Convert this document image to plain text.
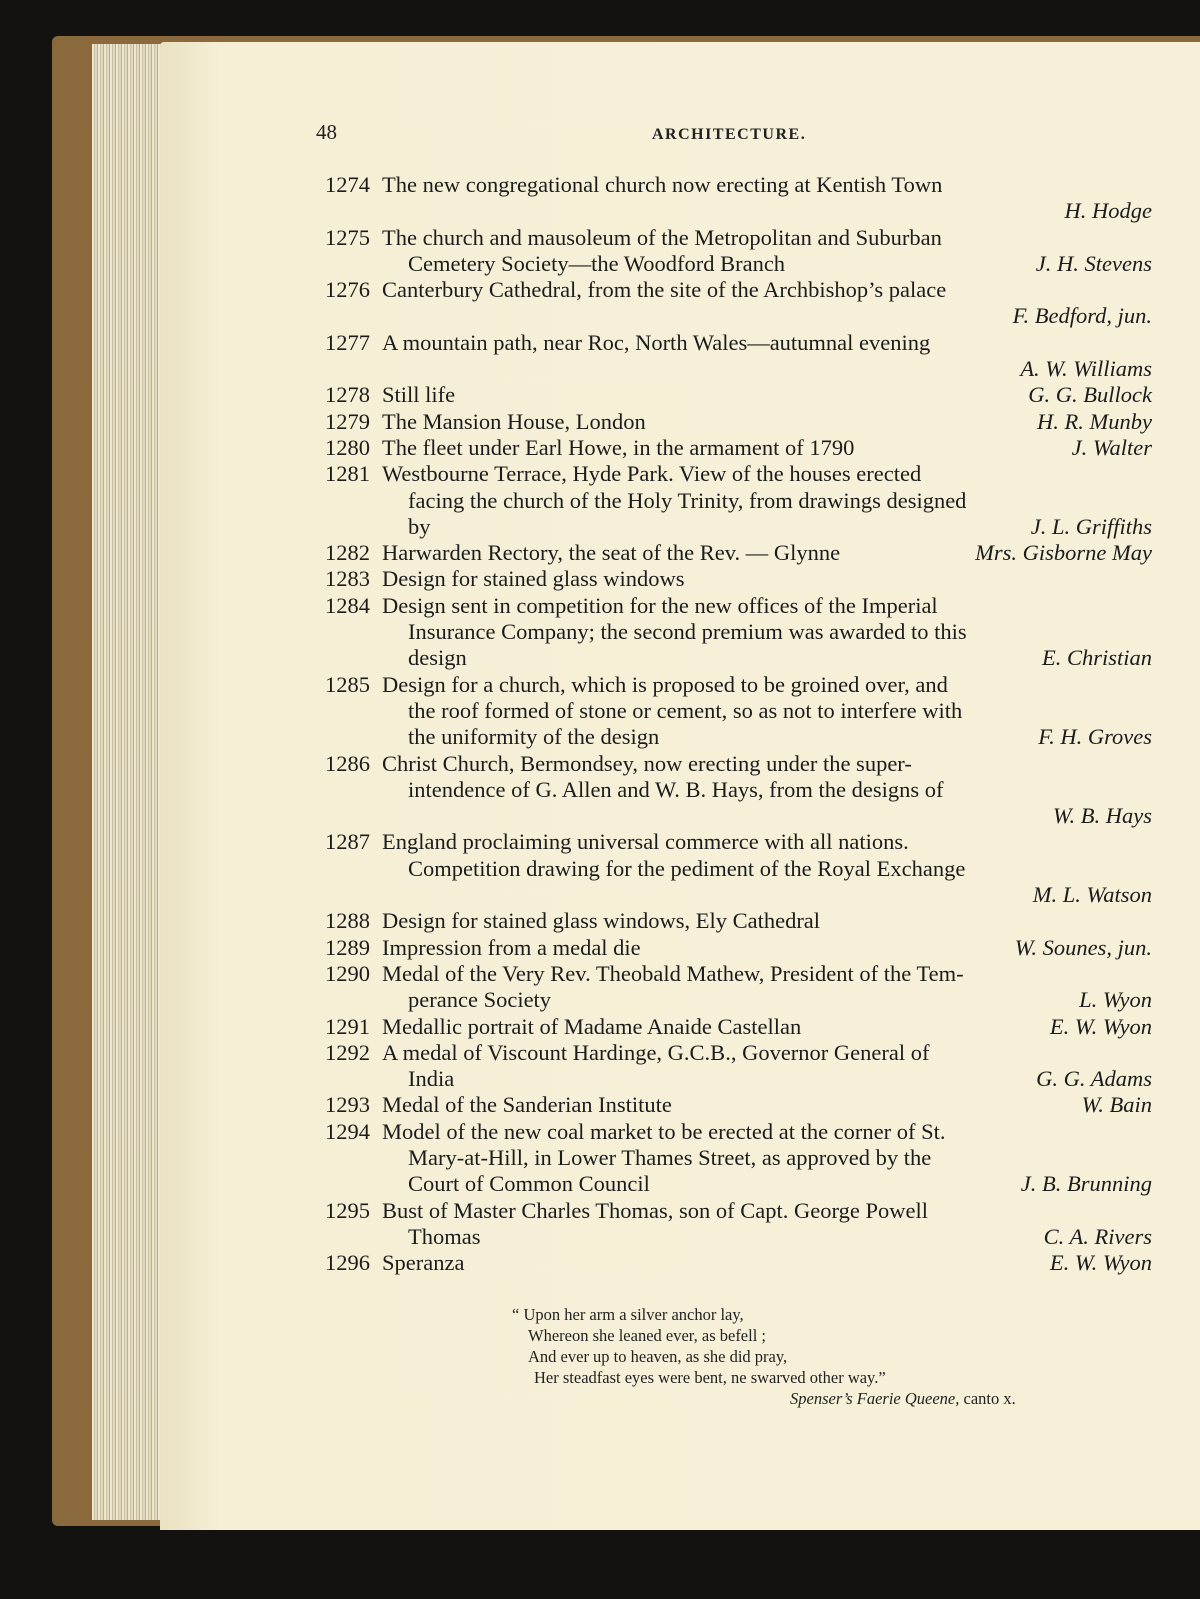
48	ARCHITECTURE.
1274 The new congregational church now erecting at Kentish Town
H. Hodge
1275 The church and mausoleum of the Metropolitan and Suburban
Cemetery Society—the Woodford Branch	J. H. Stevens
1276 Canterbury Cathedral, from the site of the Archbishop’s palace
F. Bedford, jun.
1277 A mountain path, near Roc, North Wales—autumnal evening
A. W. Williams
1278 Still life	G. G. Bullock
1279 The Mansion House, London	H. R. Munby
1280 The fleet under Earl Howe, in the armament of 1790	J. Walter
1281 Westbourne Terrace, Hyde Park. View of the houses erected
facing the church of the Holy Trinity, from drawings designed
by	J. L. Griffiths
1282 Harwarden Rectory, the seat of the Rev. — Glynne	Mrs. Gisborne May
1283 Design for stained glass windows
1284 Design sent in competition for the new offices of the Imperial
Insurance Company; the second premium was awarded to this
design	E. Christian
1285 Design for a church, which is proposed to be groined over, and
the roof formed of stone or cement, so as not to interfere with
the uniformity of the design	F. H. Groves
1286 Christ Church, Bermondsey, now erecting under the super-
intendence of G. Allen and W. B. Hays, from the designs of
W. B. Hays
1287 England proclaiming universal commerce with all nations.
Competition drawing for the pediment of the Royal Exchange
M. L. Watson
1288 Design for stained glass windows, Ely Cathedral
1289 Impression from a medal die	W. Sounes, jun.
1290 Medal of the Very Rev. Theobald Mathew, President of the Tem-
perance Society	L. Wyon
1291 Medallic portrait of Madame Anaide Castellan	E. W. Wyon
1292 A medal of Viscount Hardinge, G.C.B., Governor General of
India	G. G. Adams
1293 Medal of the Sanderian Institute	W. Bain
1294 Model of the new coal market to be erected at the corner of St.
Mary-at-Hill, in Lower Thames Street, as approved by the
Court of Common Council	J. B. Brunning
1295 Bust of Master Charles Thomas, son of Capt. George Powell
Thomas	C. A. Rivers
1296 Speranza	E. W. Wyon
“ Upon her arm a silver anchor lay,
Whereon she leaned ever, as befell ;
And ever up to heaven, as she did pray,
Her steadfast eyes were bent, ne swarved other way.”
Spenser’s Faerie Queene, canto x.
